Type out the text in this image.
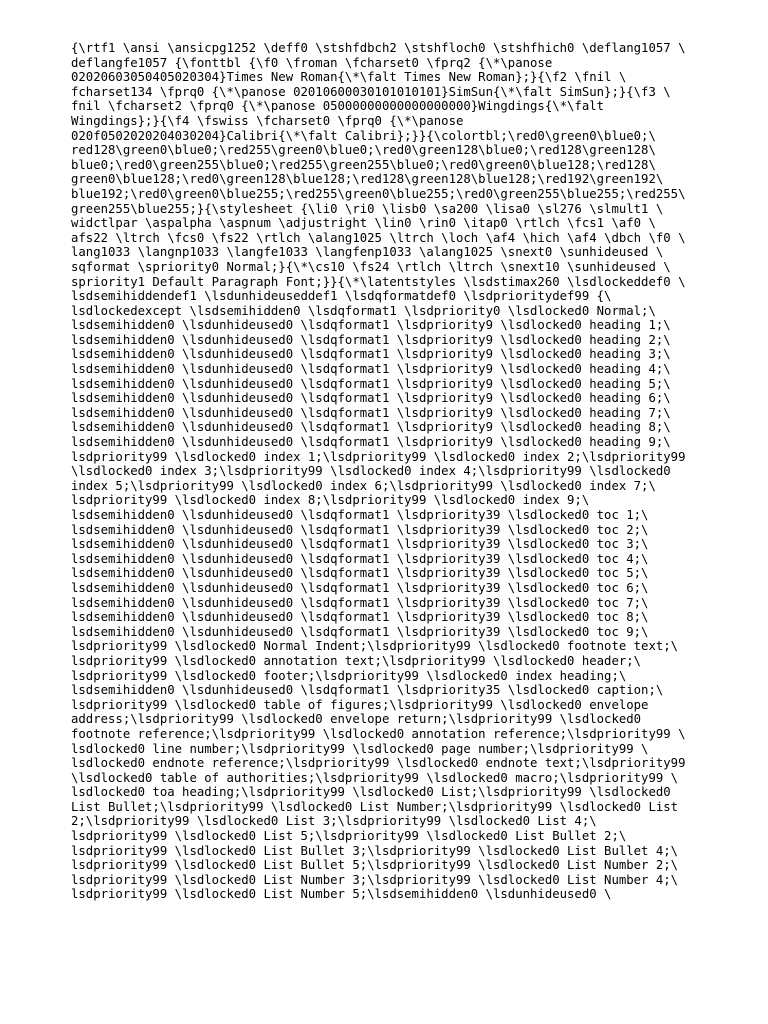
{\rtf1 \ansi \ansicpg1252 \deff0 \stshfdbch2 \stshfloch0 \stshfhich0 \deflang1057 \
deflangfe1057 {\fonttbl {\f0 \froman \fcharset0 \fprq2 {\*\panose
02020603050405020304}Times New Roman{\*\falt Times New Roman};}{\f2 \fnil \
fcharset134 \fprq0 {\*\panose 02010600030101010101}SimSun{\*\falt SimSun};}{\f3 \
fnil \fcharset2 \fprq0 {\*\panose 05000000000000000000}Wingdings{\*\falt
Wingdings};}{\f4 \fswiss \fcharset0 \fprq0 {\*\panose
020f0502020204030204}Calibri{\*\falt Calibri};}}{\colortbl;\red0\green0\blue0;\
red128\green0\blue0;\red255\green0\blue0;\red0\green128\blue0;\red128\green128\
blue0;\red0\green255\blue0;\red255\green255\blue0;\red0\green0\blue128;\red128\
green0\blue128;\red0\green128\blue128;\red128\green128\blue128;\red192\green192\
blue192;\red0\green0\blue255;\red255\green0\blue255;\red0\green255\blue255;\red255\
green255\blue255;}{\stylesheet {\li0 \ri0 \lisb0 \sa200 \lisa0 \sl276 \slmult1 \
widctlpar \aspalpha \aspnum \adjustright \lin0 \rin0 \itap0 \rtlch \fcs1 \af0 \
afs22 \ltrch \fcs0 \fs22 \rtlch \alang1025 \ltrch \loch \af4 \hich \af4 \dbch \f0 \
lang1033 \langnp1033 \langfe1033 \langfenp1033 \alang1025 \snext0 \sunhideused \
sqformat \spriority0 Normal;}{\*\cs10 \fs24 \rtlch \ltrch \snext10 \sunhideused \
spriority1 Default Paragraph Font;}}{\*\latentstyles \lsdstimax260 \lsdlockeddef0 \
lsdsemihiddendef1 \lsdunhideuseddef1 \lsdqformatdef0 \lsdprioritydef99 {\
lsdlockedexcept \lsdsemihidden0 \lsdqformat1 \lsdpriority0 \lsdlocked0 Normal;\
lsdsemihidden0 \lsdunhideused0 \lsdqformat1 \lsdpriority9 \lsdlocked0 heading 1;\
lsdsemihidden0 \lsdunhideused0 \lsdqformat1 \lsdpriority9 \lsdlocked0 heading 2;\
lsdsemihidden0 \lsdunhideused0 \lsdqformat1 \lsdpriority9 \lsdlocked0 heading 3;\
lsdsemihidden0 \lsdunhideused0 \lsdqformat1 \lsdpriority9 \lsdlocked0 heading 4;\
lsdsemihidden0 \lsdunhideused0 \lsdqformat1 \lsdpriority9 \lsdlocked0 heading 5;\
lsdsemihidden0 \lsdunhideused0 \lsdqformat1 \lsdpriority9 \lsdlocked0 heading 6;\
lsdsemihidden0 \lsdunhideused0 \lsdqformat1 \lsdpriority9 \lsdlocked0 heading 7;\
lsdsemihidden0 \lsdunhideused0 \lsdqformat1 \lsdpriority9 \lsdlocked0 heading 8;\
lsdsemihidden0 \lsdunhideused0 \lsdqformat1 \lsdpriority9 \lsdlocked0 heading 9;\
lsdpriority99 \lsdlocked0 index 1;\lsdpriority99 \lsdlocked0 index 2;\lsdpriority99
\lsdlocked0 index 3;\lsdpriority99 \lsdlocked0 index 4;\lsdpriority99 \lsdlocked0
index 5;\lsdpriority99 \lsdlocked0 index 6;\lsdpriority99 \lsdlocked0 index 7;\
lsdpriority99 \lsdlocked0 index 8;\lsdpriority99 \lsdlocked0 index 9;\
lsdsemihidden0 \lsdunhideused0 \lsdqformat1 \lsdpriority39 \lsdlocked0 toc 1;\
lsdsemihidden0 \lsdunhideused0 \lsdqformat1 \lsdpriority39 \lsdlocked0 toc 2;\
lsdsemihidden0 \lsdunhideused0 \lsdqformat1 \lsdpriority39 \lsdlocked0 toc 3;\
lsdsemihidden0 \lsdunhideused0 \lsdqformat1 \lsdpriority39 \lsdlocked0 toc 4;\
lsdsemihidden0 \lsdunhideused0 \lsdqformat1 \lsdpriority39 \lsdlocked0 toc 5;\
lsdsemihidden0 \lsdunhideused0 \lsdqformat1 \lsdpriority39 \lsdlocked0 toc 6;\
lsdsemihidden0 \lsdunhideused0 \lsdqformat1 \lsdpriority39 \lsdlocked0 toc 7;\
lsdsemihidden0 \lsdunhideused0 \lsdqformat1 \lsdpriority39 \lsdlocked0 toc 8;\
lsdsemihidden0 \lsdunhideused0 \lsdqformat1 \lsdpriority39 \lsdlocked0 toc 9;\
lsdpriority99 \lsdlocked0 Normal Indent;\lsdpriority99 \lsdlocked0 footnote text;\
lsdpriority99 \lsdlocked0 annotation text;\lsdpriority99 \lsdlocked0 header;\
lsdpriority99 \lsdlocked0 footer;\lsdpriority99 \lsdlocked0 index heading;\
lsdsemihidden0 \lsdunhideused0 \lsdqformat1 \lsdpriority35 \lsdlocked0 caption;\
lsdpriority99 \lsdlocked0 table of figures;\lsdpriority99 \lsdlocked0 envelope
address;\lsdpriority99 \lsdlocked0 envelope return;\lsdpriority99 \lsdlocked0
footnote reference;\lsdpriority99 \lsdlocked0 annotation reference;\lsdpriority99 \
lsdlocked0 line number;\lsdpriority99 \lsdlocked0 page number;\lsdpriority99 \
lsdlocked0 endnote reference;\lsdpriority99 \lsdlocked0 endnote text;\lsdpriority99
\lsdlocked0 table of authorities;\lsdpriority99 \lsdlocked0 macro;\lsdpriority99 \
lsdlocked0 toa heading;\lsdpriority99 \lsdlocked0 List;\lsdpriority99 \lsdlocked0
List Bullet;\lsdpriority99 \lsdlocked0 List Number;\lsdpriority99 \lsdlocked0 List
2;\lsdpriority99 \lsdlocked0 List 3;\lsdpriority99 \lsdlocked0 List 4;\
lsdpriority99 \lsdlocked0 List 5;\lsdpriority99 \lsdlocked0 List Bullet 2;\
lsdpriority99 \lsdlocked0 List Bullet 3;\lsdpriority99 \lsdlocked0 List Bullet 4;\
lsdpriority99 \lsdlocked0 List Bullet 5;\lsdpriority99 \lsdlocked0 List Number 2;\
lsdpriority99 \lsdlocked0 List Number 3;\lsdpriority99 \lsdlocked0 List Number 4;\
lsdpriority99 \lsdlocked0 List Number 5;\lsdsemihidden0 \lsdunhideused0 \
